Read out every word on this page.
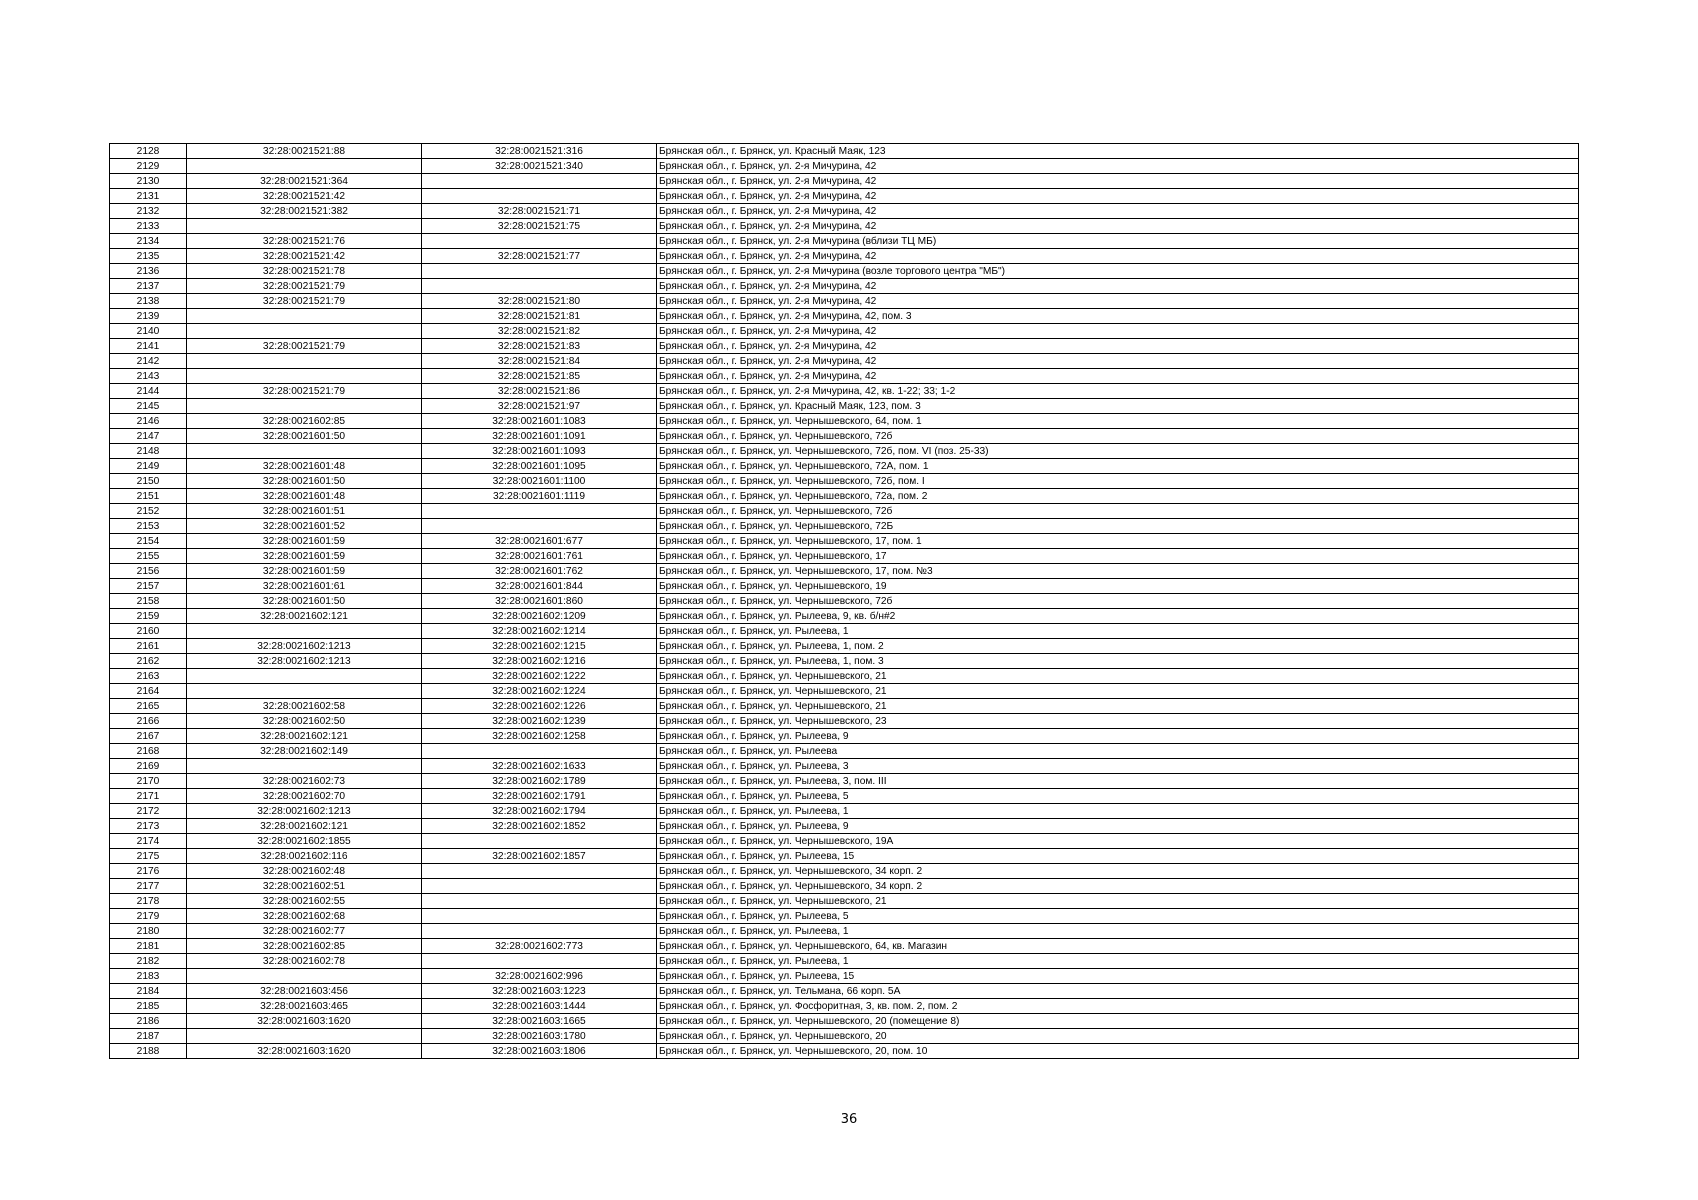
2128	32:28:0021521:88	32:28:0021521:316	Брянская обл., г. Брянск, ул. Красный Маяк, 123
2129		32:28:0021521:340	Брянская обл., г. Брянск, ул. 2-я Мичурина, 42
2130	32:28:0021521:364		Брянская обл., г. Брянск, ул. 2-я Мичурина, 42
2131	32:28:0021521:42		Брянская обл., г. Брянск, ул. 2-я Мичурина, 42
2132	32:28:0021521:382	32:28:0021521:71	Брянская обл., г. Брянск, ул. 2-я Мичурина, 42
2133		32:28:0021521:75	Брянская обл., г. Брянск, ул. 2-я Мичурина, 42
2134	32:28:0021521:76		Брянская обл., г. Брянск, ул. 2-я Мичурина (вблизи ТЦ МБ)
2135	32:28:0021521:42	32:28:0021521:77	Брянская обл., г. Брянск, ул. 2-я Мичурина, 42
2136	32:28:0021521:78		Брянская обл., г. Брянск, ул. 2-я Мичурина (возле торгового центра "МБ")
2137	32:28:0021521:79		Брянская обл., г. Брянск, ул. 2-я Мичурина, 42
2138	32:28:0021521:79	32:28:0021521:80	Брянская обл., г. Брянск, ул. 2-я Мичурина, 42
2139		32:28:0021521:81	Брянская обл., г. Брянск, ул. 2-я Мичурина, 42, пом. 3
2140		32:28:0021521:82	Брянская обл., г. Брянск, ул. 2-я Мичурина, 42
2141	32:28:0021521:79	32:28:0021521:83	Брянская обл., г. Брянск, ул. 2-я Мичурина, 42
2142		32:28:0021521:84	Брянская обл., г. Брянск, ул. 2-я Мичурина, 42
2143		32:28:0021521:85	Брянская обл., г. Брянск, ул. 2-я Мичурина, 42
2144	32:28:0021521:79	32:28:0021521:86	Брянская обл., г. Брянск, ул. 2-я Мичурина, 42, кв. 1-22; 33; 1-2
2145		32:28:0021521:97	Брянская обл., г. Брянск, ул. Красный Маяк, 123, пом. 3
2146	32:28:0021602:85	32:28:0021601:1083	Брянская обл., г. Брянск, ул. Чернышевского, 64, пом. 1
2147	32:28:0021601:50	32:28:0021601:1091	Брянская обл., г. Брянск, ул. Чернышевского, 72б
2148		32:28:0021601:1093	Брянская обл., г. Брянск, ул. Чернышевского, 72б, пом. VI (поз. 25-33)
2149	32:28:0021601:48	32:28:0021601:1095	Брянская обл., г. Брянск, ул. Чернышевского, 72А, пом. 1
2150	32:28:0021601:50	32:28:0021601:1100	Брянская обл., г. Брянск, ул. Чернышевского, 72б, пом. I
2151	32:28:0021601:48	32:28:0021601:1119	Брянская обл., г. Брянск, ул. Чернышевского, 72а, пом. 2
2152	32:28:0021601:51		Брянская обл., г. Брянск, ул. Чернышевского, 72б
2153	32:28:0021601:52		Брянская обл., г. Брянск, ул. Чернышевского, 72Б
2154	32:28:0021601:59	32:28:0021601:677	Брянская обл., г. Брянск, ул. Чернышевского, 17, пом. 1
2155	32:28:0021601:59	32:28:0021601:761	Брянская обл., г. Брянск, ул. Чернышевского, 17
2156	32:28:0021601:59	32:28:0021601:762	Брянская обл., г. Брянск, ул. Чернышевского, 17, пом. №3
2157	32:28:0021601:61	32:28:0021601:844	Брянская обл., г. Брянск, ул. Чернышевского, 19
2158	32:28:0021601:50	32:28:0021601:860	Брянская обл., г. Брянск, ул. Чернышевского, 72б
2159	32:28:0021602:121	32:28:0021602:1209	Брянская обл., г. Брянск, ул. Рылеева, 9, кв. б/н#2
2160		32:28:0021602:1214	Брянская обл., г. Брянск, ул. Рылеева, 1
2161	32:28:0021602:1213	32:28:0021602:1215	Брянская обл., г. Брянск, ул. Рылеева, 1, пом. 2
2162	32:28:0021602:1213	32:28:0021602:1216	Брянская обл., г. Брянск, ул. Рылеева, 1, пом. 3
2163		32:28:0021602:1222	Брянская обл., г. Брянск, ул. Чернышевского, 21
2164		32:28:0021602:1224	Брянская обл., г. Брянск, ул. Чернышевского, 21
2165	32:28:0021602:58	32:28:0021602:1226	Брянская обл., г. Брянск, ул. Чернышевского, 21
2166	32:28:0021602:50	32:28:0021602:1239	Брянская обл., г. Брянск, ул. Чернышевского, 23
2167	32:28:0021602:121	32:28:0021602:1258	Брянская обл., г. Брянск, ул. Рылеева, 9
2168	32:28:0021602:149		Брянская обл., г. Брянск, ул. Рылеева
2169		32:28:0021602:1633	Брянская обл., г. Брянск, ул. Рылеева, 3
2170	32:28:0021602:73	32:28:0021602:1789	Брянская обл., г. Брянск, ул. Рылеева, 3, пом. III
2171	32:28:0021602:70	32:28:0021602:1791	Брянская обл., г. Брянск, ул. Рылеева, 5
2172	32:28:0021602:1213	32:28:0021602:1794	Брянская обл., г. Брянск, ул. Рылеева, 1
2173	32:28:0021602:121	32:28:0021602:1852	Брянская обл., г. Брянск, ул. Рылеева, 9
2174	32:28:0021602:1855		Брянская обл., г. Брянск, ул. Чернышевского, 19А
2175	32:28:0021602:116	32:28:0021602:1857	Брянская обл., г. Брянск, ул. Рылеева, 15
2176	32:28:0021602:48		Брянская обл., г. Брянск, ул. Чернышевского, 34 корп. 2
2177	32:28:0021602:51		Брянская обл., г. Брянск, ул. Чернышевского, 34 корп. 2
2178	32:28:0021602:55		Брянская обл., г. Брянск, ул. Чернышевского, 21
2179	32:28:0021602:68		Брянская обл., г. Брянск, ул. Рылеева, 5
2180	32:28:0021602:77		Брянская обл., г. Брянск, ул. Рылеева, 1
2181	32:28:0021602:85	32:28:0021602:773	Брянская обл., г. Брянск, ул. Чернышевского, 64, кв. Магазин
2182	32:28:0021602:78		Брянская обл., г. Брянск, ул. Рылеева, 1
2183		32:28:0021602:996	Брянская обл., г. Брянск, ул. Рылеева, 15
2184	32:28:0021603:456	32:28:0021603:1223	Брянская обл., г. Брянск, ул. Тельмана, 66 корп. 5А
2185	32:28:0021603:465	32:28:0021603:1444	Брянская обл., г. Брянск, ул. Фосфоритная, 3, кв. пом. 2, пом. 2
2186	32:28:0021603:1620	32:28:0021603:1665	Брянская обл., г. Брянск, ул. Чернышевского, 20 (помещение 8)
2187		32:28:0021603:1780	Брянская обл., г. Брянск, ул. Чернышевского, 20
2188	32:28:0021603:1620	32:28:0021603:1806	Брянская обл., г. Брянск, ул. Чернышевского, 20, пом. 10
36
